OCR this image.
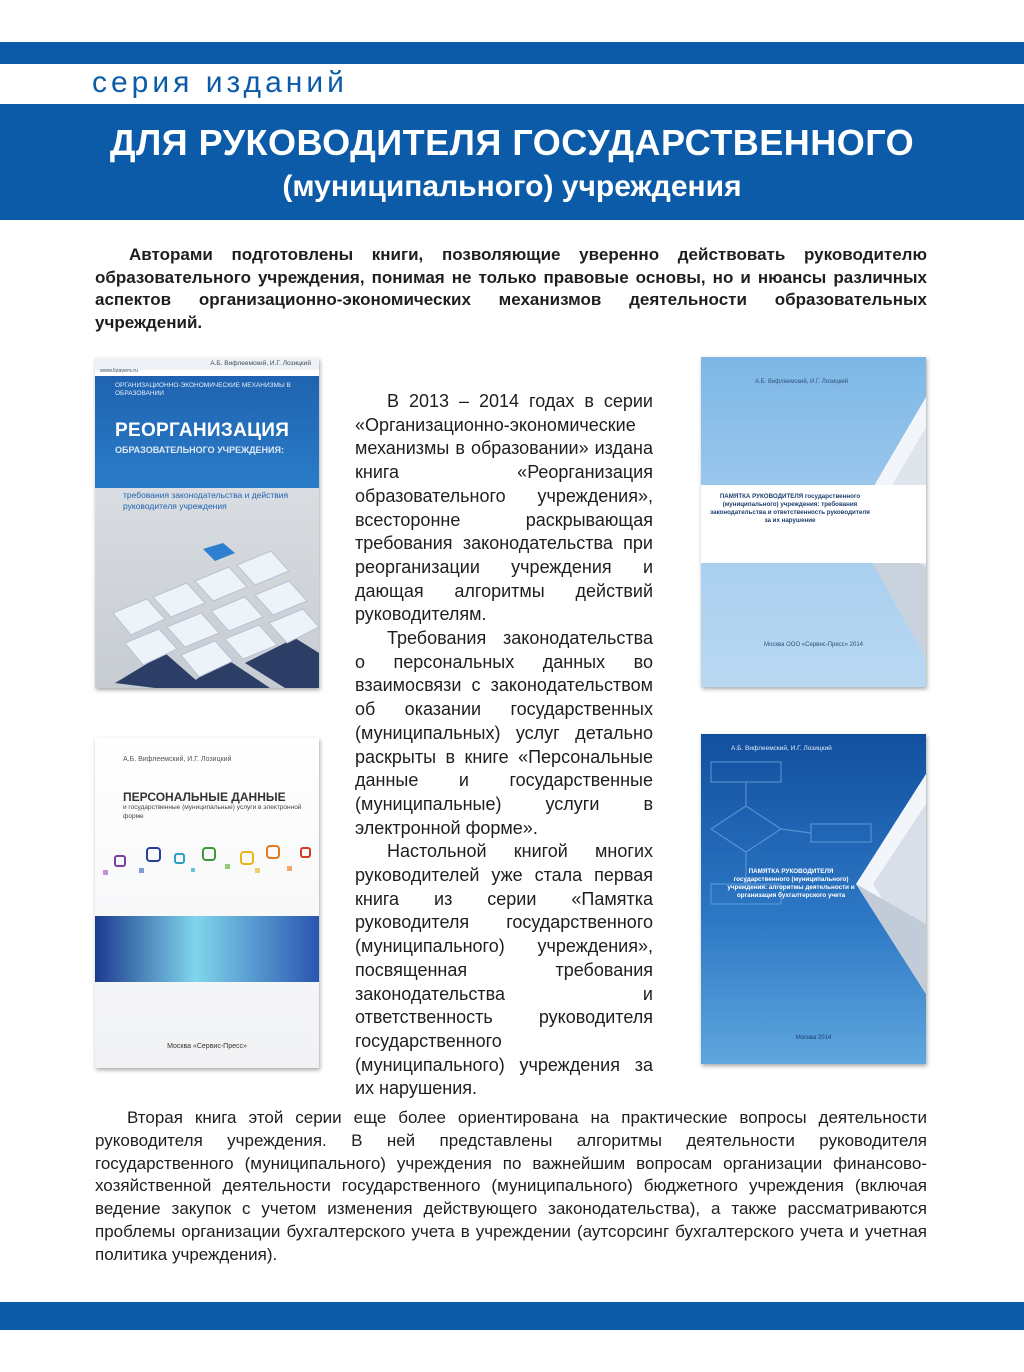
серия изданий
ДЛЯ РУКОВОДИТЕЛЯ ГОСУДАРСТВЕННОГО
(муниципального) учреждения
Авторами подготовлены книги, позволяющие уверенно действовать руководителю образовательного учреждения, понимая не только правовые основы, но и нюансы различных аспектов организационно-экономических механизмов деятельности образовательных учреждений.
www.lizavers.ru
А.Б. Вифлеемский, И.Г. Лозицкий
ОРГАНИЗАЦИОННО-ЭКОНОМИЧЕСКИЕ МЕХАНИЗМЫ В ОБРАЗОВАНИИ
РЕОРГАНИЗАЦИЯ
ОБРАЗОВАТЕЛЬНОГО УЧРЕЖДЕНИЯ:
требования законодательства и действия руководителя учреждения
А.Б. Вифлеемский, И.Г. Лозицкий
ПАМЯТКА РУКОВОДИТЕЛЯ государственного (муниципального) учреждения: требования законодательства и ответственность руководителя за их нарушение
Москва ООО «Сервис-Пресс» 2014

В 2013 – 2014 годах в серии «Организационно-экономические механизмы в образовании» издана книга «Реорганизация образовательного учреждения», всесторонне раскрывающая требования законодательства при реорганизации учреждения и дающая алгоритмы действий руководителям.

Требования законодательства о персональных данных во взаимосвязи с законодательством об оказании государственных (муниципальных) услуг детально раскрыты в книге «Персональные данные и государственные (муниципальные) услуги в электронной форме».

Настольной книгой многих руководителей уже стала первая книга из серии «Памятка руководителя государственного (муниципального) учреждения», посвященная требования законодательства и ответственность руководителя государственного (муниципального) учреждения за их нарушения.

А.Б. Вифлеемский, И.Г. Лозицкий
ПЕРСОНАЛЬНЫЕ ДАННЫЕ
и государственные (муниципальные) услуги в электронной форме
Москва «Сервис-Пресс»
А.Б. Вифлеемский, И.Г. Лозицкий
ПАМЯТКА РУКОВОДИТЕЛЯ государственного (муниципального) учреждения: алгоритмы деятельности и организация бухгалтерского учета
Москва 2014

Вторая книга этой серии еще более ориентирована на практические вопросы деятельности руководителя учреждения. В ней представлены алгоритмы деятельности руководителя государственного (муниципального) учреждения по важнейшим вопросам организации финансово-хозяйственной деятельности государственного (муниципального) бюджетного учреждения (включая ведение закупок с учетом изменения действующего законодательства), а также рассматриваются проблемы организации бухгалтерского учета в учреждении (аутсорсинг бухгалтерского учета и учетная политика учреждения).
